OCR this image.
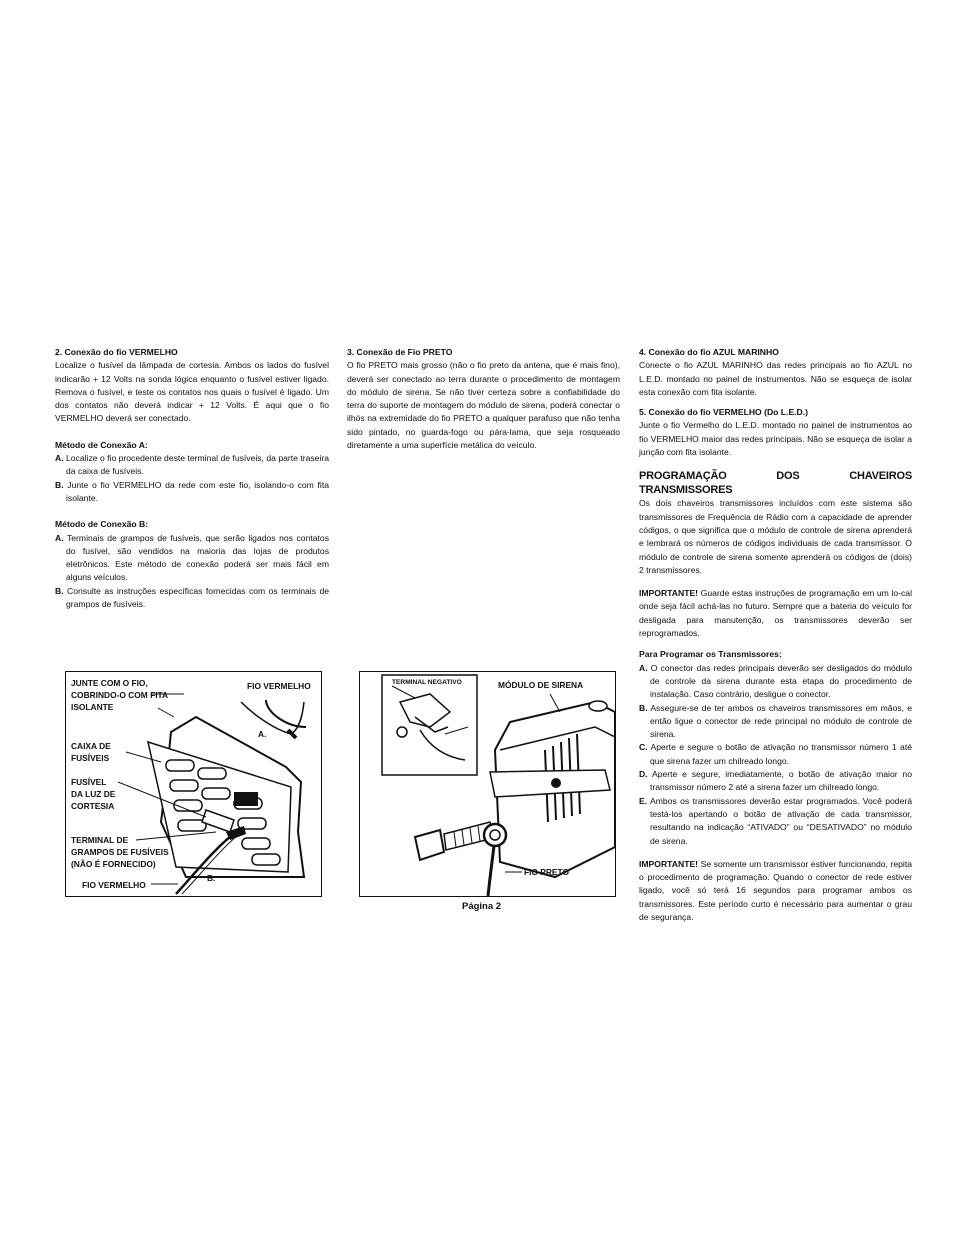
2. Conexão do fio VERMELHO

Localize o fusível da lâmpada de cortesia. Ambos os lados do fusível indicarão + 12 Volts na sonda lógica enquanto o fusível estiver ligado. Remova o fusível, e teste os contatos nos quais o fusível é ligado. Um dos contatos não deverá indicar + 12 Volts. É aqui que o fio VERMELHO deverá ser conectado.

Método de Conexão A:

A. Localize o fio procedente deste terminal de fusíveis, da parte traseira da caixa de fusíveis.

B. Junte o fio VERMELHO da rede com este fio, isolando-o com fita isolante.

Método de Conexão B:

A. Terminais de grampos de fusíveis, que serão ligados nos contatos do fusível, são vendidos na maioria das lojas de produtos eletrônicos. Este método de conexão poderá ser mais fácil em alguns veículos.

B. Consulte as instruções específicas fornecidas com os terminais de grampos de fusíveis.

3. Conexão de Fio PRETO

O fio PRETO mais grosso (não o fio preto da antena, que é mais fino), deverá ser conectado ao terra durante o procedimento de montagem do módulo de sirena. Se não tiver certeza sobre a confiabilidade do terra do suporte de montagem do módulo de sirena, poderá conectar o ilhós na extremidade do fio PRETO a qualquer parafuso que não tenha sido pintado, no guarda-fogo ou pára-lama, que seja rosqueado diretamente a uma superfície metálica do veículo.

4. Conexão do fio AZUL MARINHO

Conecte o fio AZUL MARINHO das redes principais ao fio AZUL no L.E.D. montado no painel de instrumentos. Não se esqueça de isolar esta conexão com fita isolante.

5. Conexão do fio VERMELHO (Do L.E.D.)

Junte o fio Vermelho do L.E.D. montado no painel de instrumentos ao fio VERMELHO maior das redes principais. Não se esqueça de isolar a junção com fita isolante.

PROGRAMAÇÃO DOS CHAVEIROS TRANSMISSORES

Os dois chaveiros transmissores incluídos com este sistema são transmissores de Frequência de Rádio com a capacidade de aprender códigos, o que significa que o módulo de controle de sirena aprenderá e lembrará os números de códigos individuais de cada transmissor. O módulo de controle de sirena somente aprenderá os códigos de (dois) 2 transmissores.

IMPORTANTE! Guarde estas instruções de programação em um lo-cal onde seja fácil achá-las no futuro. Sempre que a bateria do veículo for desligada para manutenção, os transmissores deverão ser reprogramados.

Para Programar os Transmissores:

A. O conector das redes principais deverão ser desligados do módulo de controle da sirena durante esta etapa do procedimento de instalação. Caso contrário, desligue o conector.

B. Assegure-se de ter ambos os chaveiros transmissores em mãos, e então ligue o conector de rede principal no módulo de controle de sirena.

C. Aperte e segure o botão de ativação no transmissor número 1 até que sirena fazer um chilreado longo.

D. Aperte e segure, imediatamente, o botão de ativação maior no transmissor número 2 até a sirena fazer um chilreado longo.

E. Ambos os transmissores deverão estar programados. Você poderá testá-los apertando o botão de ativação de cada transmissor, resultando na indicação “ATIVADO” ou “DESATIVADO” no módulo de sirena.

IMPORTANTE! Se somente um transmissor estiver funcionando, repita o procedimento de programação. Quando o conector de rede estiver ligado, você só terá 16 segundos para programar ambos os transmissores. Este período curto é necessário para aumentar o grau de segurança.

JUNTE COM O FIO,
COBRINDO-O COM FITA
ISOLANTE
FIO VERMELHO
A.
CAIXA DE
FUSÍVEIS
FUSÍVEL
DA LUZ DE
CORTESIA
TERMINAL DE
GRAMPOS DE FUSÍVEIS
(NÃO É FORNECIDO)
B.
FIO VERMELHO
TERMINAL NEGATIVO	MÓDULO DE SIRENA
FIO PRETO
Página 2
